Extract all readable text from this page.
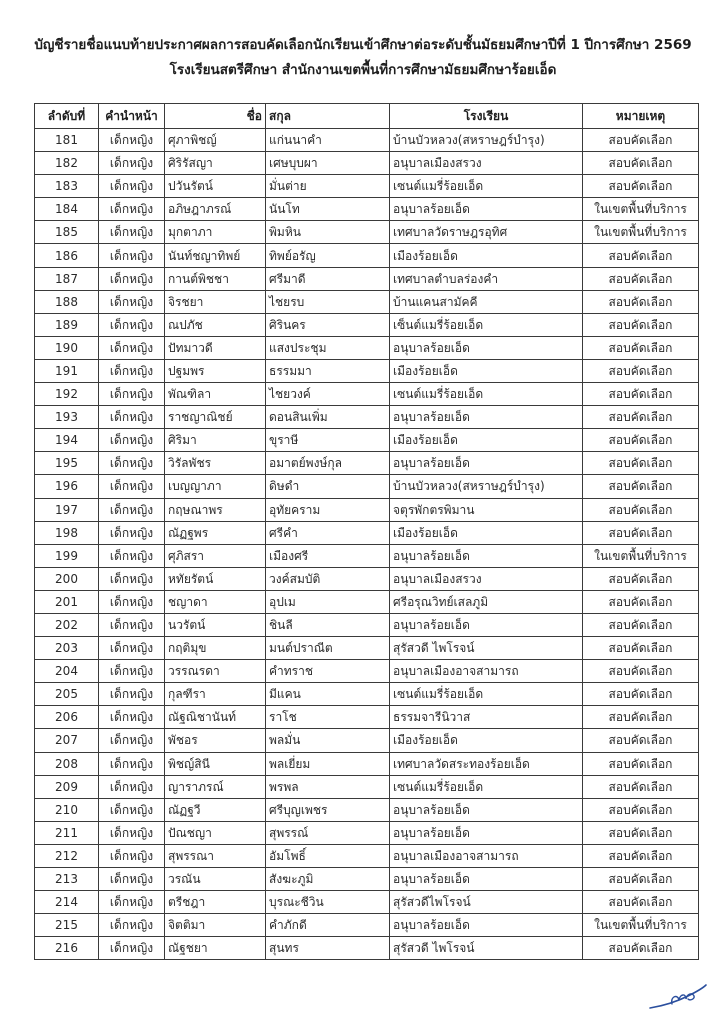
บัญชีรายชื่อแนบท้ายประกาศผลการสอบคัดเลือกนักเรียนเข้าศึกษาต่อระดับชั้นมัธยมศึกษาปีที่ 1 ปีการศึกษา 2569
โรงเรียนสตรีศึกษา สำนักงานเขตพื้นที่การศึกษามัธยมศึกษาร้อยเอ็ด
ลำดับที่	คำนำหน้า	ชื่อ	สกุล	โรงเรียน	หมายเหตุ
181	เด็กหญิง	ศุภาพิชญ์	แก่นนาคำ	บ้านบัวหลวง(สหราษฎร์บำรุง)	สอบคัดเลือก
182	เด็กหญิง	ศิริรัสญา	เศษบุบผา	อนุบาลเมืองสรวง	สอบคัดเลือก
183	เด็กหญิง	ปวันรัตน์	มั่นต่าย	เซนต์แมรี่ร้อยเอ็ด	สอบคัดเลือก
184	เด็กหญิง	อภิษฎาภรณ์	นันโท	อนุบาลร้อยเอ็ด	ในเขตพื้นที่บริการ
185	เด็กหญิง	มุกตาภา	พิมหิน	เทศบาลวัดราษฎรอุทิศ	ในเขตพื้นที่บริการ
186	เด็กหญิง	นันท์ชญาทิพย์	ทิพย์อรัญ	เมืองร้อยเอ็ด	สอบคัดเลือก
187	เด็กหญิง	กานต์พิชชา	ศรีมาดี	เทศบาลตำบลร่องคำ	สอบคัดเลือก
188	เด็กหญิง	จิรชยา	ไชยรบ	บ้านแคนสามัคคี	สอบคัดเลือก
189	เด็กหญิง	ณปภัช	ศิรินคร	เซ็นต์แมรี่ร้อยเอ็ด	สอบคัดเลือก
190	เด็กหญิง	ปัทมาวดี	แสงประชุม	อนุบาลร้อยเอ็ด	สอบคัดเลือก
191	เด็กหญิง	ปฐมพร	ธรรมมา	เมืองร้อยเอ็ด	สอบคัดเลือก
192	เด็กหญิง	พัณฑิลา	ไชยวงค์	เซนต์แมรี่ร้อยเอ็ด	สอบคัดเลือก
193	เด็กหญิง	ราชญาณิชย์	ดอนสินเพิ่ม	อนุบาลร้อยเอ็ด	สอบคัดเลือก
194	เด็กหญิง	ศิริมา	ขุราษี	เมืองร้อยเอ็ด	สอบคัดเลือก
195	เด็กหญิง	วิรัลพัชร	อมาตย์พงษ์กุล	อนุบาลร้อยเอ็ด	สอบคัดเลือก
196	เด็กหญิง	เบญญาภา	ดิษดำ	บ้านบัวหลวง(สหราษฎร์บำรุง)	สอบคัดเลือก
197	เด็กหญิง	กฤษณาพร	อุทัยคราม	จตุรพักตรพิมาน	สอบคัดเลือก
198	เด็กหญิง	ณัฏฐพร	ศรีคำ	เมืองร้อยเอ็ด	สอบคัดเลือก
199	เด็กหญิง	ศุภิสรา	เมืองศรี	อนุบาลร้อยเอ็ด	ในเขตพื้นที่บริการ
200	เด็กหญิง	หทัยรัตน์	วงค์สมบัติ	อนุบาลเมืองสรวง	สอบคัดเลือก
201	เด็กหญิง	ชญาดา	อุปเม	ศรีอรุณวิทย์เสลภูมิ	สอบคัดเลือก
202	เด็กหญิง	นวรัตน์	ชินลี	อนุบาลร้อยเอ็ด	สอบคัดเลือก
203	เด็กหญิง	กฤติมุข	มนต์ปราณีต	สุรัสวดี ไพโรจน์	สอบคัดเลือก
204	เด็กหญิง	วรรณรดา	คำทราช	อนุบาลเมืองอาจสามารถ	สอบคัดเลือก
205	เด็กหญิง	กุลฑีรา	มีแคน	เซนต์แมรี่ร้อยเอ็ด	สอบคัดเลือก
206	เด็กหญิง	ณัฐณิชานันท์	ราโช	ธรรมจารีนิวาส	สอบคัดเลือก
207	เด็กหญิง	พัชอร	พลมั่น	เมืองร้อยเอ็ด	สอบคัดเลือก
208	เด็กหญิง	พิชญ์สินี	พลเยี่ยม	เทศบาลวัดสระทองร้อยเอ็ด	สอบคัดเลือก
209	เด็กหญิง	ญาราภรณ์	พรพล	เซนต์แมรี่ร้อยเอ็ด	สอบคัดเลือก
210	เด็กหญิง	ณัฏฐวี	ศรีบุญเพชร	อนุบาลร้อยเอ็ด	สอบคัดเลือก
211	เด็กหญิง	ปัณชญา	สุพรรณ์	อนุบาลร้อยเอ็ด	สอบคัดเลือก
212	เด็กหญิง	สุพรรณา	อัมโพธิ์	อนุบาลเมืองอาจสามารถ	สอบคัดเลือก
213	เด็กหญิง	วรณัน	สังฆะภูมิ	อนุบาลร้อยเอ็ด	สอบคัดเลือก
214	เด็กหญิง	ตรีชฎา	บุรณะชีวิน	สุรัสวดีไพโรจน์	สอบคัดเลือก
215	เด็กหญิง	จิตติมา	คำภักดี	อนุบาลร้อยเอ็ด	ในเขตพื้นที่บริการ
216	เด็กหญิง	ณัฐชยา	สุนทร	สุรัสวดี ไพโรจน์	สอบคัดเลือก
